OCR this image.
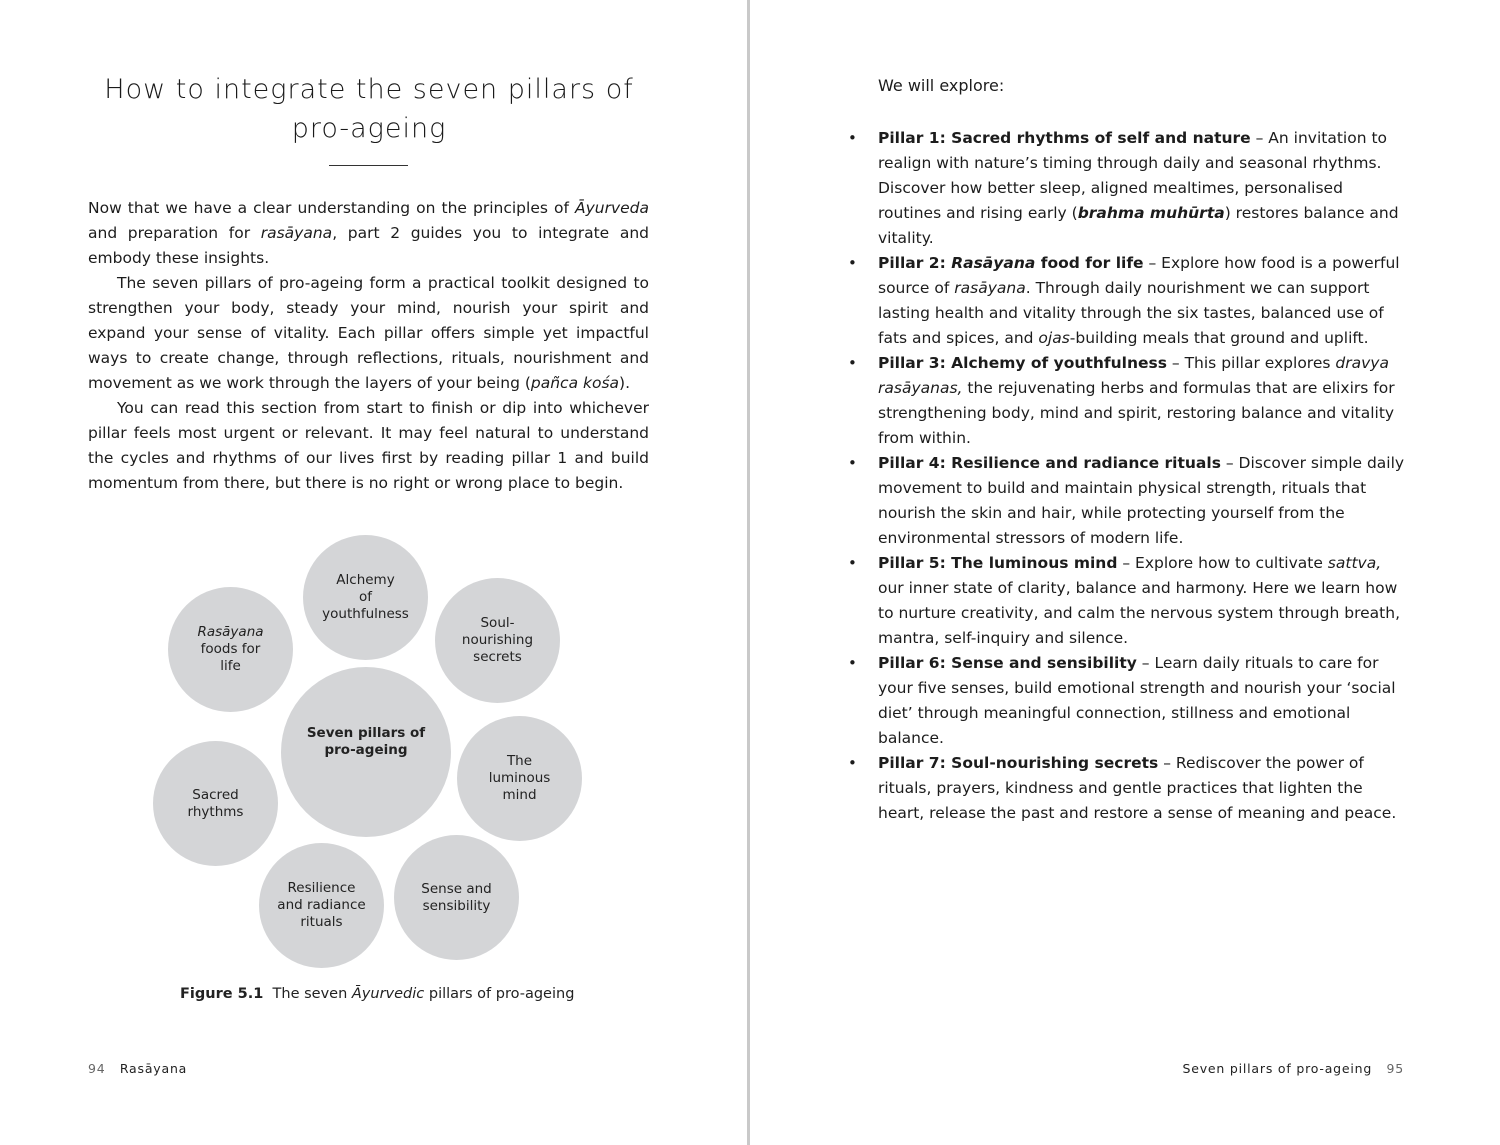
How to integrate the seven pillars of
pro-ageing

Now that we have a clear understanding on the principles of Āyurveda and preparation for rasāyana, part 2 guides you to integrate and embody these insights.

The seven pillars of pro-ageing form a practical toolkit designed to strengthen your body, steady your mind, nourish your spirit and expand your sense of vitality. Each pillar offers simple yet impactful ways to create change, through reflections, rituals, nourishment and movement as we work through the layers of your being (pañca kośa).

You can read this section from start to finish or dip into whichever pillar feels most urgent or relevant. It may feel natural to understand the cycles and rhythms of our lives first by reading pillar 1 and build momentum from there, but there is no right or wrong place to begin.

Alchemy
of
youthfulness
Soul-
nourishing
secrets
Rasāyana
foods for
life
Seven pillars of
pro-ageing
The
luminous
mind
Sacred
rhythms
Resilience
and radiance
rituals
Sense and
sensibility
Figure 5.1 The seven Āyurvedic pillars of pro-ageing
94 Rasāyana
We will explore:
• Pillar 1: Sacred rhythms of self and nature – An invitation to realign with nature’s timing through daily and seasonal rhythms. Discover how better sleep, aligned mealtimes, personalised routines and rising early (brahma muhūrta) restores balance and vitality.
• Pillar 2: Rasāyana food for life – Explore how food is a powerful source of rasāyana. Through daily nourishment we can support lasting health and vitality through the six tastes, balanced use of fats and spices, and ojas-building meals that ground and uplift.
• Pillar 3: Alchemy of youthfulness – This pillar explores dravya rasāyanas, the rejuvenating herbs and formulas that are elixirs for strengthening body, mind and spirit, restoring balance and vitality from within.
• Pillar 4: Resilience and radiance rituals – Discover simple daily movement to build and maintain physical strength, rituals that nourish the skin and hair, while protecting yourself from the environmental stressors of modern life.
• Pillar 5: The luminous mind – Explore how to cultivate sattva, our inner state of clarity, balance and harmony. Here we learn how to nurture creativity, and calm the nervous system through breath, mantra, self-inquiry and silence.
• Pillar 6: Sense and sensibility – Learn daily rituals to care for your five senses, build emotional strength and nourish your ‘social diet’ through meaningful connection, stillness and emotional balance.
• Pillar 7: Soul-nourishing secrets – Rediscover the power of rituals, prayers, kindness and gentle practices that lighten the heart, release the past and restore a sense of meaning and peace.
Seven pillars of pro-ageing 95
